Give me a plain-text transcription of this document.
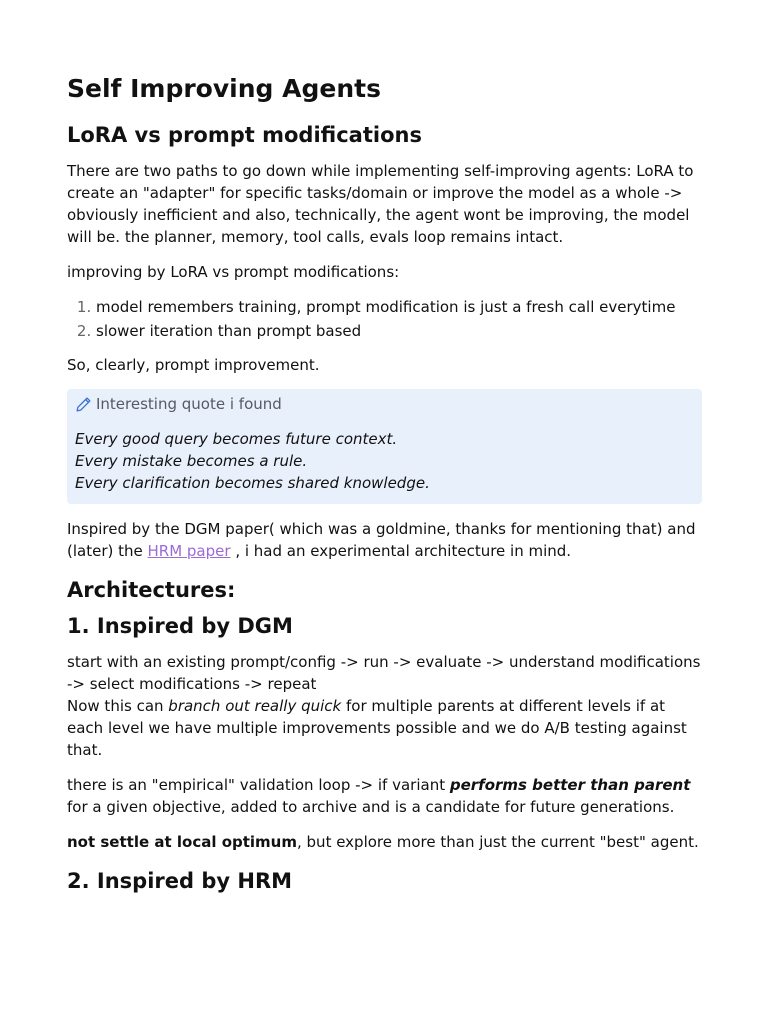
Self Improving Agents
LoRA vs prompt modifications

There are two paths to go down while implementing self-improving agents: LoRA to create an "adapter" for specific tasks/domain or improve the model as a whole -> obviously inefficient and also, technically, the agent wont be improving, the model will be. the planner, memory, tool calls, evals loop remains intact.

improving by LoRA vs prompt modifications:

1. model remembers training, prompt modification is just a fresh call everytime
2. slower iteration than prompt based

So, clearly, prompt improvement.

Interesting quote i found
Every good query becomes future context.
Every mistake becomes a rule.
Every clarification becomes shared knowledge.

Inspired by the DGM paper( which was a goldmine, thanks for mentioning that) and (later) the HRM paper , i had an experimental architecture in mind.

Architectures:
1. Inspired by DGM

start with an existing prompt/config -> run -> evaluate -> understand modifications -> select modifications -> repeat
Now this can branch out really quick for multiple parents at different levels if at each level we have multiple improvements possible and we do A/B testing against that.

there is an "empirical" validation loop -> if variant performs better than parent for a given objective, added to archive and is a candidate for future generations.

not settle at local optimum, but explore more than just the current "best" agent.

2. Inspired by HRM
